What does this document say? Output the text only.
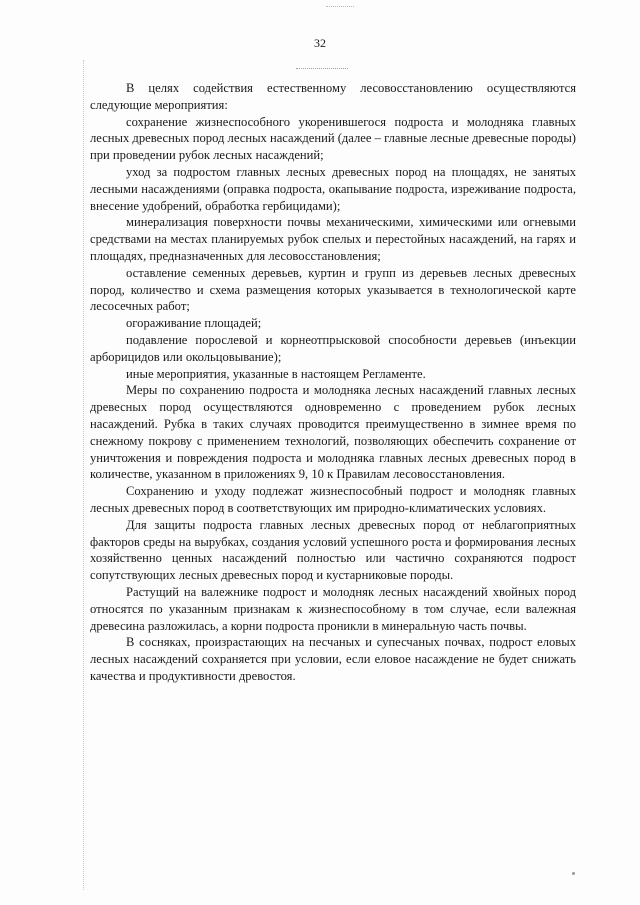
32

В целях содействия естественному лесовосстановлению осуществляются следующие мероприятия:

сохранение жизнеспособного укоренившегося подроста и молодняка главных лесных древесных пород лесных насаждений (далее – главные лесные древесные породы) при проведении рубок лесных насаждений;

уход за подростом главных лесных древесных пород на площадях, не занятых лесными насаждениями (оправка подроста, окапывание подроста, изреживание подроста, внесение удобрений, обработка гербицидами);

минерализация поверхности почвы механическими, химическими или огневыми средствами на местах планируемых рубок спелых и перестойных насаждений, на гарях и площадях, предназначенных для лесовосстановления;

оставление семенных деревьев, куртин и групп из деревьев лесных древесных пород, количество и схема размещения которых указывается в технологической карте лесосечных работ;

огораживание площадей;

подавление порослевой и корнеотпрысковой способности деревьев (инъекции арборицидов или окольцовывание);

иные мероприятия, указанные в настоящем Регламенте.

Меры по сохранению подроста и молодняка лесных насаждений главных лесных древесных пород осуществляются одновременно с проведением рубок лесных насаждений. Рубка в таких случаях проводится преимущественно в зимнее время по снежному покрову с применением технологий, позволяющих обеспечить сохранение от уничтожения и повреждения подроста и молодняка главных лесных древесных пород в количестве, указанном в приложениях 9, 10 к Правилам лесовосстановления.

Сохранению и уходу подлежат жизнеспособный подрост и молодняк главных лесных древесных пород в соответствующих им природно-климатических условиях.

Для защиты подроста главных лесных древесных пород от неблагоприятных факторов среды на вырубках, создания условий успешного роста и формирования лесных хозяйственно ценных насаждений полностью или частично сохраняются подрост сопутствующих лесных древесных пород и кустарниковые породы.

Растущий на валежнике подрост и молодняк лесных насаждений хвойных пород относятся по указанным признакам к жизнеспособному в том случае, если валежная древесина разложилась, а корни подроста проникли в минеральную часть почвы.

В сосняках, произрастающих на песчаных и супесчаных почвах, подрост еловых лесных насаждений сохраняется при условии, если еловое насаждение не будет снижать качества и продуктивности древостоя.
